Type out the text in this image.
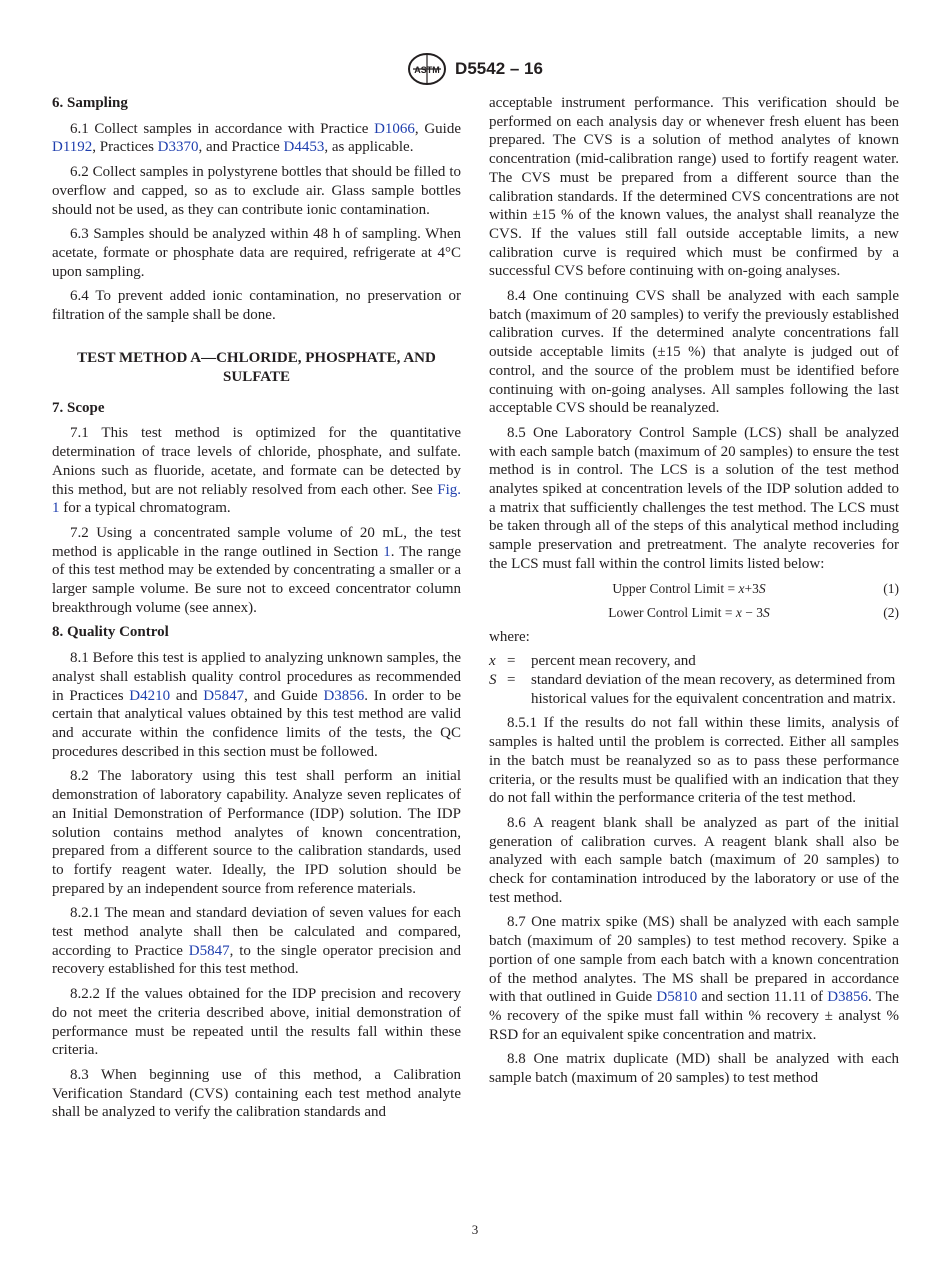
ASTM D5542 – 16
6. Sampling

6.1 Collect samples in accordance with Practice D1066, Guide D1192, Practices D3370, and Practice D4453, as applicable.

6.2 Collect samples in polystyrene bottles that should be filled to overflow and capped, so as to exclude air. Glass sample bottles should not be used, as they can contribute ionic contamination.

6.3 Samples should be analyzed within 48 h of sampling. When acetate, formate or phosphate data are required, refrigerate at 4°C upon sampling.

6.4 To prevent added ionic contamination, no preservation or filtration of the sample shall be done.

TEST METHOD A—CHLORIDE, PHOSPHATE, AND SULFATE
7. Scope

7.1 This test method is optimized for the quantitative determination of trace levels of chloride, phosphate, and sulfate. Anions such as fluoride, acetate, and formate can be detected by this method, but are not reliably resolved from each other. See Fig. 1 for a typical chromatogram.

7.2 Using a concentrated sample volume of 20 mL, the test method is applicable in the range outlined in Section 1. The range of this test method may be extended by concentrating a smaller or a larger sample volume. Be sure not to exceed concentrator column breakthrough volume (see annex).

8. Quality Control

8.1 Before this test is applied to analyzing unknown samples, the analyst shall establish quality control procedures as recommended in Practices D4210 and D5847, and Guide D3856. In order to be certain that analytical values obtained by this test method are valid and accurate within the confidence limits of the tests, the QC procedures described in this section must be followed.

8.2 The laboratory using this test shall perform an initial demonstration of laboratory capability. Analyze seven replicates of an Initial Demonstration of Performance (IDP) solution. The IDP solution contains method analytes of known concentration, prepared from a different source to the calibration standards, used to fortify reagent water. Ideally, the IPD solution should be prepared by an independent source from reference materials.

8.2.1 The mean and standard deviation of seven values for each test method analyte shall then be calculated and compared, according to Practice D5847, to the single operator precision and recovery established for this test method.

8.2.2 If the values obtained for the IDP precision and recovery do not meet the criteria described above, initial demonstration of performance must be repeated until the results fall within these criteria.

8.3 When beginning use of this method, a Calibration Verification Standard (CVS) containing each test method analyte shall be analyzed to verify the calibration standards and

acceptable instrument performance. This verification should be performed on each analysis day or whenever fresh eluent has been prepared. The CVS is a solution of method analytes of known concentration (mid-calibration range) used to fortify reagent water. The CVS must be prepared from a different source than the calibration standards. If the determined CVS concentrations are not within ±15 % of the known values, the analyst shall reanalyze the CVS. If the values still fall outside acceptable limits, a new calibration curve is required which must be confirmed by a successful CVS before continuing with on-going analyses.

8.4 One continuing CVS shall be analyzed with each sample batch (maximum of 20 samples) to verify the previously established calibration curves. If the determined analyte concentrations fall outside acceptable limits (±15 %) that analyte is judged out of control, and the source of the problem must be identified before continuing with on-going analyses. All samples following the last acceptable CVS should be reanalyzed.

8.5 One Laboratory Control Sample (LCS) shall be analyzed with each sample batch (maximum of 20 samples) to ensure the test method is in control. The LCS is a solution of the test method analytes spiked at concentration levels of the IDP solution added to a matrix that sufficiently challenges the test method. The LCS must be taken through all of the steps of this analytical method including sample preservation and pretreatment. The analyte recoveries for the LCS must fall within the control limits listed below:

Upper Control Limit = x+3S	(1)
Lower Control Limit = x − 3S	(2)

where:

x =	percent mean recovery, and
S =	standard deviation of the mean recovery, as determined from historical values for the equivalent concentration and matrix.

8.5.1 If the results do not fall within these limits, analysis of samples is halted until the problem is corrected. Either all samples in the batch must be reanalyzed so as to pass these performance criteria, or the results must be qualified with an indication that they do not fall within the performance criteria of the test method.

8.6 A reagent blank shall be analyzed as part of the initial generation of calibration curves. A reagent blank shall also be analyzed with each sample batch (maximum of 20 samples) to check for contamination introduced by the laboratory or use of the test method.

8.7 One matrix spike (MS) shall be analyzed with each sample batch (maximum of 20 samples) to test method recovery. Spike a portion of one sample from each batch with a known concentration of the method analytes. The MS shall be prepared in accordance with that outlined in Guide D5810 and section 11.11 of D3856. The % recovery of the spike must fall within % recovery ± analyst % RSD for an equivalent spike concentration and matrix.

8.8 One matrix duplicate (MD) shall be analyzed with each sample batch (maximum of 20 samples) to test method

3
